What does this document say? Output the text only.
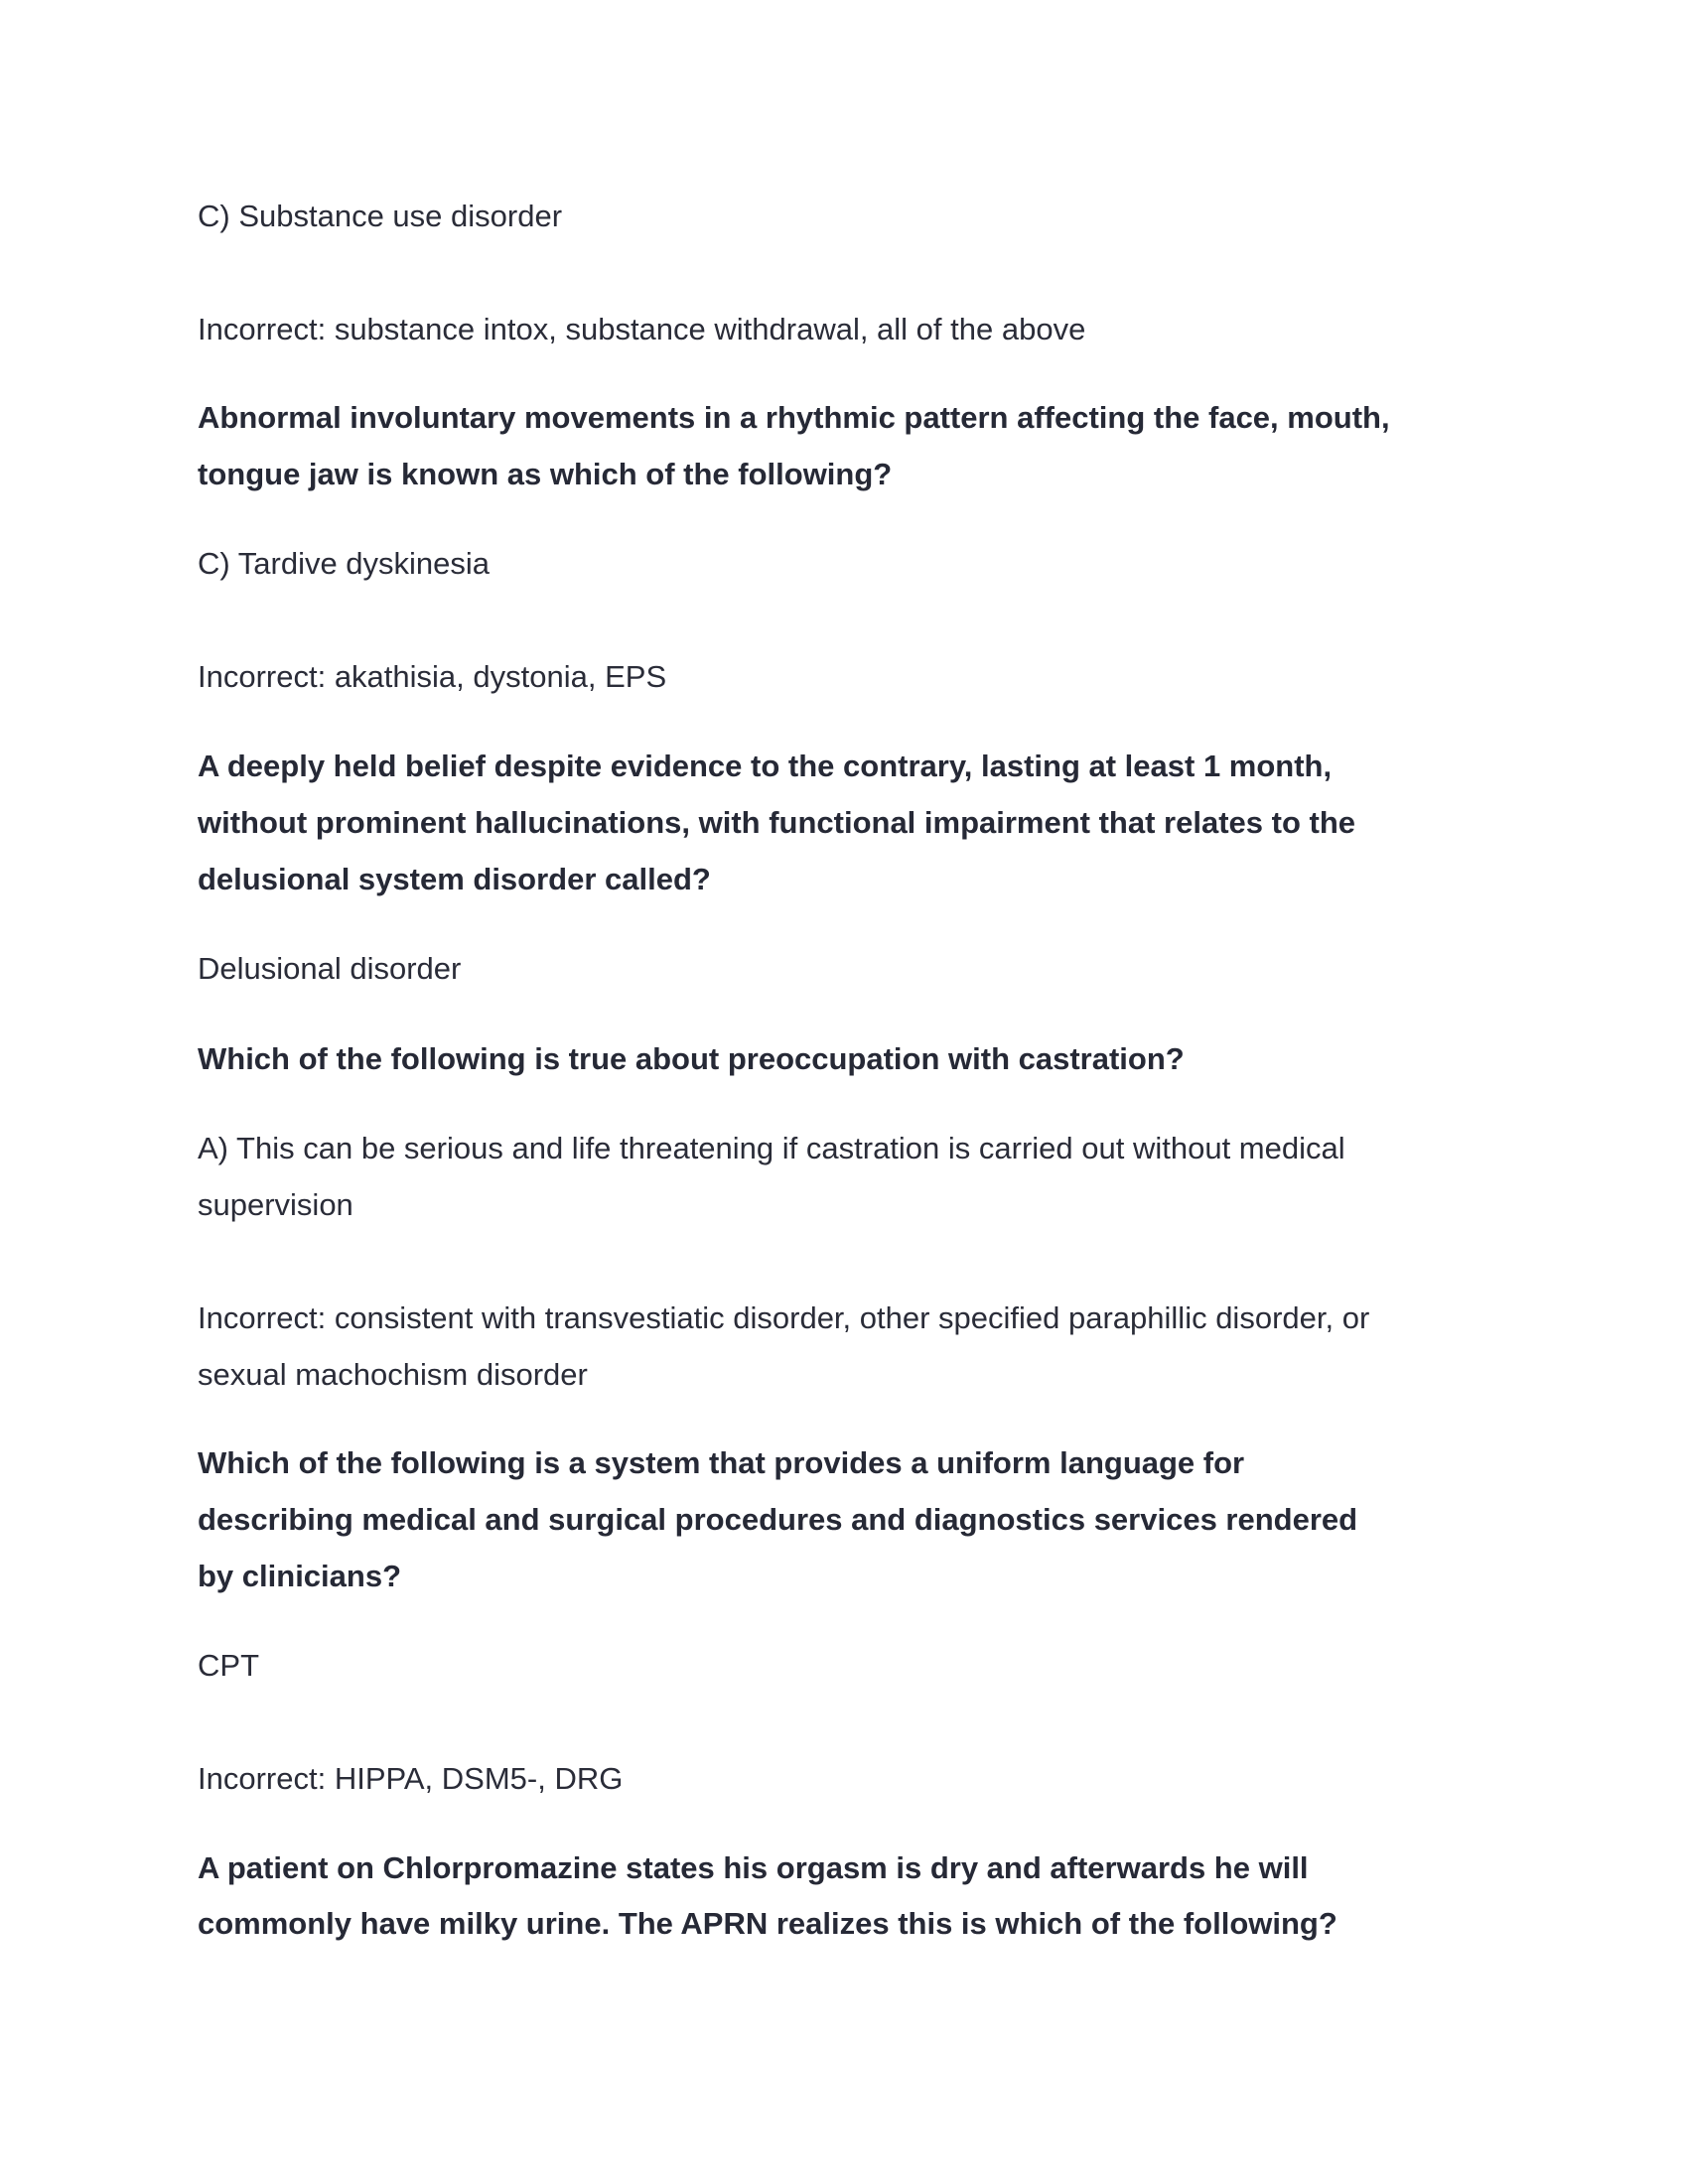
C) Substance use disorder
Incorrect: substance intox, substance withdrawal, all of the above
Abnormal involuntary movements in a rhythmic pattern affecting the face, mouth,
tongue jaw is known as which of the following?
C) Tardive dyskinesia
Incorrect: akathisia, dystonia, EPS
A deeply held belief despite evidence to the contrary, lasting at least 1 month,
without prominent hallucinations, with functional impairment that relates to the
delusional system disorder called?
Delusional disorder
Which of the following is true about preoccupation with castration?
A) This can be serious and life threatening if castration is carried out without medical
supervision
Incorrect: consistent with transvestiatic disorder, other specified paraphillic disorder, or
sexual machochism disorder
Which of the following is a system that provides a uniform language for
describing medical and surgical procedures and diagnostics services rendered
by clinicians?
CPT
Incorrect: HIPPA, DSM5-, DRG
A patient on Chlorpromazine states his orgasm is dry and afterwards he will
commonly have milky urine. The APRN realizes this is which of the following?
